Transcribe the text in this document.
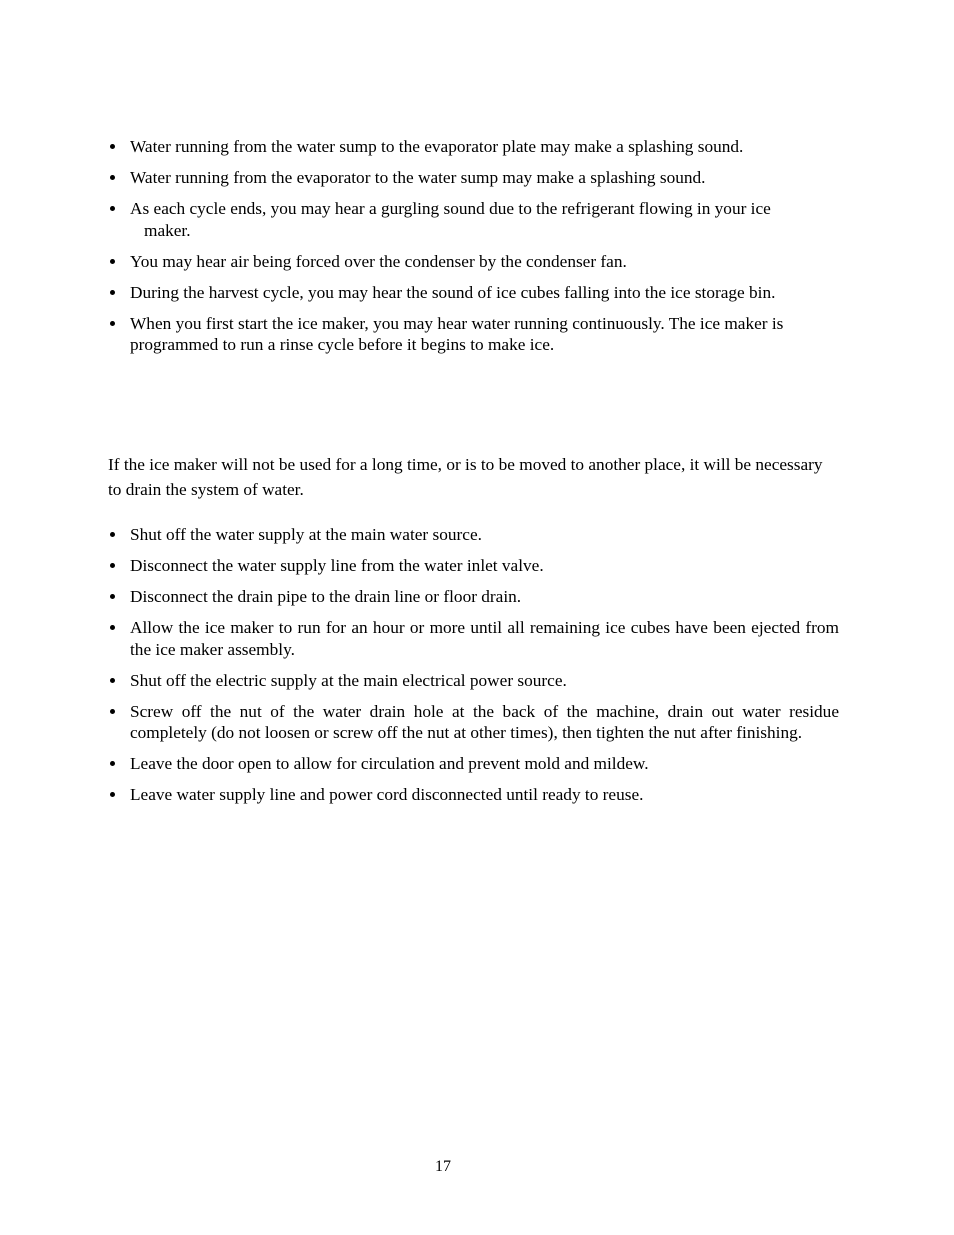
Water running from the water sump to the evaporator plate may make a splashing sound.
Water running from the evaporator to the water sump may make a splashing sound.
As each cycle ends, you may hear a gurgling sound due to the refrigerant flowing in your ice
maker.
You may hear air being forced over the condenser by the condenser fan.
During the harvest cycle, you may hear the sound of ice cubes falling into the ice storage bin.
When you first start the ice maker, you may hear water running continuously. The ice maker is programmed to run a rinse cycle before it begins to make ice.

If the ice maker will not be used for a long time, or is to be moved to another place, it will be necessary to drain the system of water.

Shut off the water supply at the main water source.
Disconnect the water supply line from the water inlet valve.
Disconnect the drain pipe to the drain line or floor drain.
Allow the ice maker to run for an hour or more until all remaining ice cubes have been ejected from the ice maker assembly.
Shut off the electric supply at the main electrical power source.
Screw off the nut of the water drain hole at the back of the machine, drain out water residue completely (do not loosen or screw off the nut at other times), then tighten the nut after finishing.
Leave the door open to allow for circulation and prevent mold and mildew.
Leave water supply line and power cord disconnected until ready to reuse.
17
